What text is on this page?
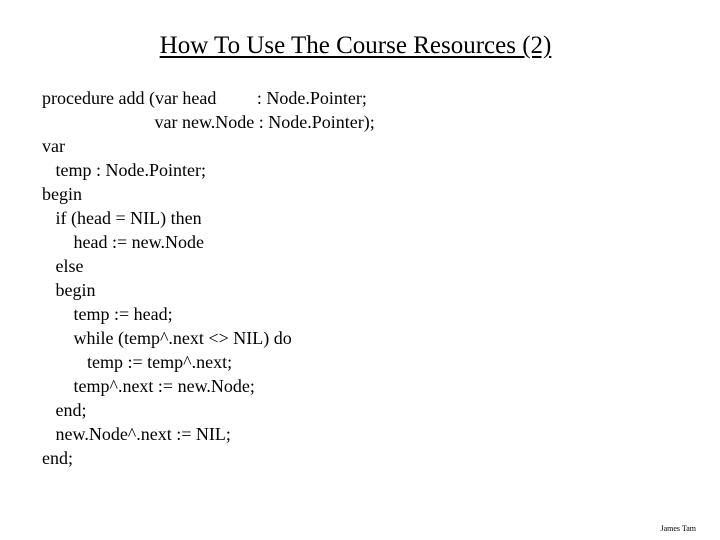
How To Use The Course Resources (2)
procedure add (var head         : Node.Pointer;
var new.Node : Node.Pointer);
var
temp : Node.Pointer;
begin
if (head = NIL) then
head := new.Node
else
begin
temp := head;
while (temp^.next <> NIL) do
temp := temp^.next;
temp^.next := new.Node;
end;
new.Node^.next := NIL;
end;
James Tam
